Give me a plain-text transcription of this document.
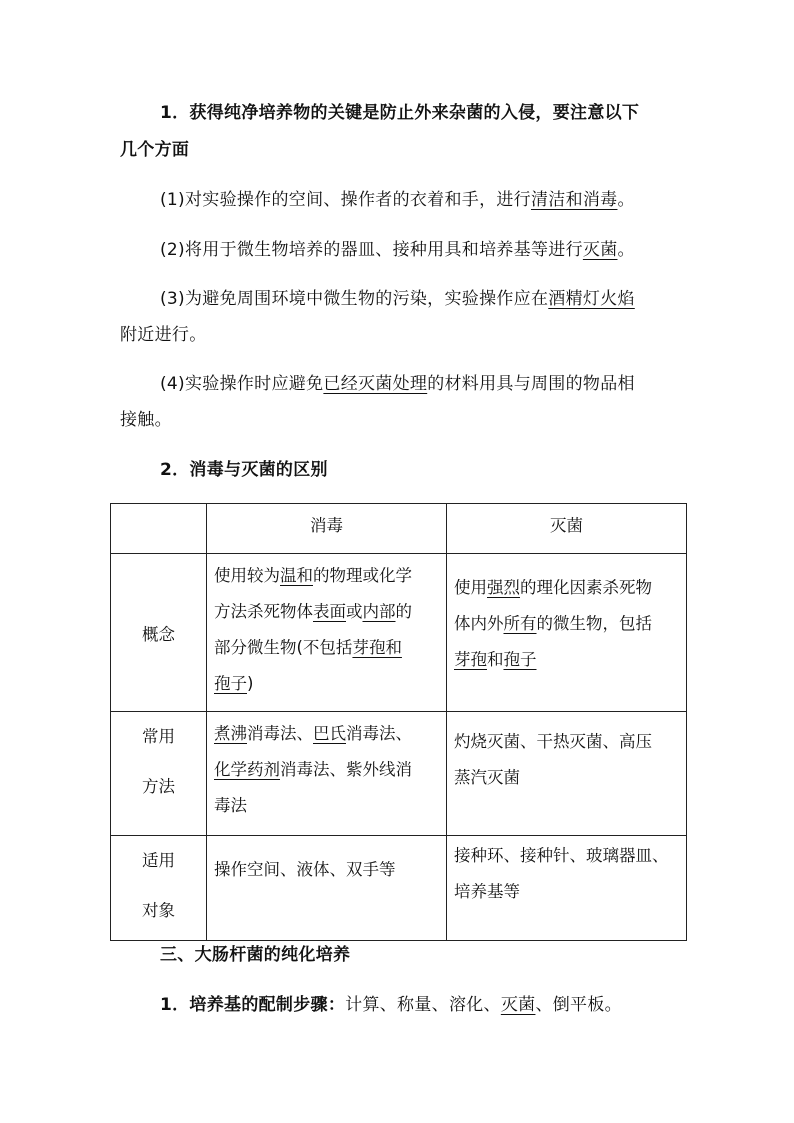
1．获得纯净培养物的关键是防止外来杂菌的入侵，要注意以下
几个方面
(1)对实验操作的空间、操作者的衣着和手，进行清洁和消毒。
(2)将用于微生物培养的器皿、接种用具和培养基等进行灭菌。
(3)为避免周围环境中微生物的污染，实验操作应在酒精灯火焰
附近进行。
(4)实验操作时应避免已经灭菌处理的材料用具与周围的物品相
接触。
2．消毒与灭菌的区别

	消毒	灭菌

概念	使用较为温和的物理或化学
方法杀死物体表面或内部的
部分微生物(不包括芽孢和
孢子)	使用强烈的理化因素杀死物
体内外所有的微生物，包括
芽孢和孢子

常用
方法	煮沸消毒法、巴氏消毒法、
化学药剂消毒法、紫外线消
毒法	灼烧灭菌、干热灭菌、高压
蒸汽灭菌

适用
对象	操作空间、液体、双手等	接种环、接种针、玻璃器皿、
培养基等
三、大肠杆菌的纯化培养
1．培养基的配制步骤：计算、称量、溶化、灭菌、倒平板。
